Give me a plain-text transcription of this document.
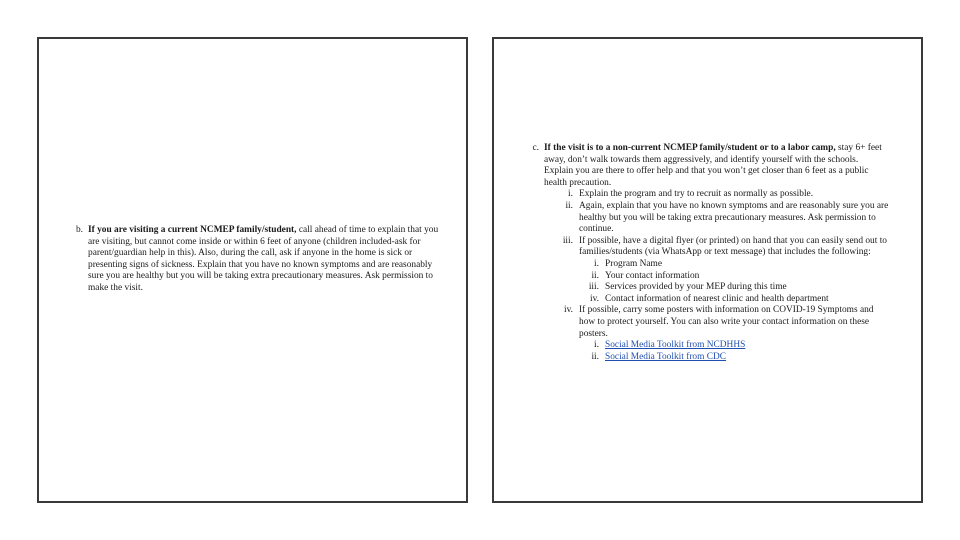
b. If you are visiting a current NCMEP family/student, call ahead of time to explain that you are visiting, but cannot come inside or within 6 feet of anyone (children included-ask for parent/guardian help in this). Also, during the call, ask if anyone in the home is sick or presenting signs of sickness. Explain that you have no known symptoms and are reasonably sure you are healthy but you will be taking extra precautionary measures. Ask permission to make the visit.
c. If the visit is to a non-current NCMEP family/student or to a labor camp, stay 6+ feet away, don’t walk towards them aggressively, and identify yourself with the schools. Explain you are there to offer help and that you won’t get closer than 6 feet as a public health precaution.
i. Explain the program and try to recruit as normally as possible.
ii. Again, explain that you have no known symptoms and are reasonably sure you are healthy but you will be taking extra precautionary measures. Ask permission to continue.
iii. If possible, have a digital flyer (or printed) on hand that you can easily send out to families/students (via WhatsApp or text message) that includes the following:
i. Program Name
ii. Your contact information
iii. Services provided by your MEP during this time
iv. Contact information of nearest clinic and health department
iv. If possible, carry some posters with information on COVID-19 Symptoms and how to protect yourself. You can also write your contact information on these posters.
i. Social Media Toolkit from NCDHHS
ii. Social Media Toolkit from CDC
